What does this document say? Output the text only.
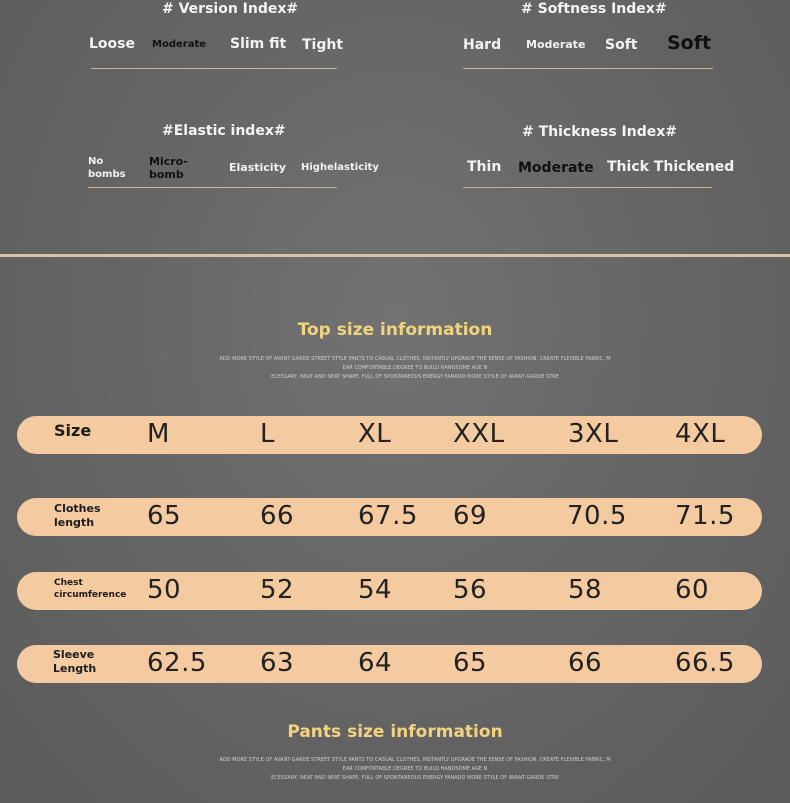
# Version Index#
Loose Moderate Slim fit Tight
# Softness Index#
Hard Moderate Soft Soft
#Elastic index#
No bombs
Micro-bomb
Elasticity Highelasticity
# Thickness Index#
Thin Moderate Thick Thickened
Top size information
ADD MORE STYLE OF AVANT-GARDE STREET STYLE PANTS TO CASUAL CLOTHES, INSTANTLY UPGRADE THE SENSE OF FASHION, CREATE FLEXIBLE FABRIC, M
EAR COMFORTABLE DEGREE TO BUILD HANDSOME AGE N
ECESSARY, NEAT AND NEAT SHAPE, FULL OF SPONTANEOUS ENERGY FANADD MORE STYLE OF AVANT-GARDE STRE
Size M	L	XL XXL 3XL 4XL
Clothes
length 65	66 67.5 69	70.5 71.5
Chest
circumference 50	52 54 56	58	60
Sleeve
Length 62.5 63 64 65	66	66.5
Pants size information
ADD MORE STYLE OF AVANT-GARDE STREET STYLE PANTS TO CASUAL CLOTHES, INSTANTLY UPGRADE THE SENSE OF FASHION, CREATE FLEXIBLE FABRIC, M
EAR COMFORTABLE DEGREE TO BUILD HANDSOME AGE N
ECESSARY, NEAT AND NEAT SHAPE, FULL OF SPONTANEOUS ENERGY FANADD MORE STYLE OF AVANT-GARDE STRE
